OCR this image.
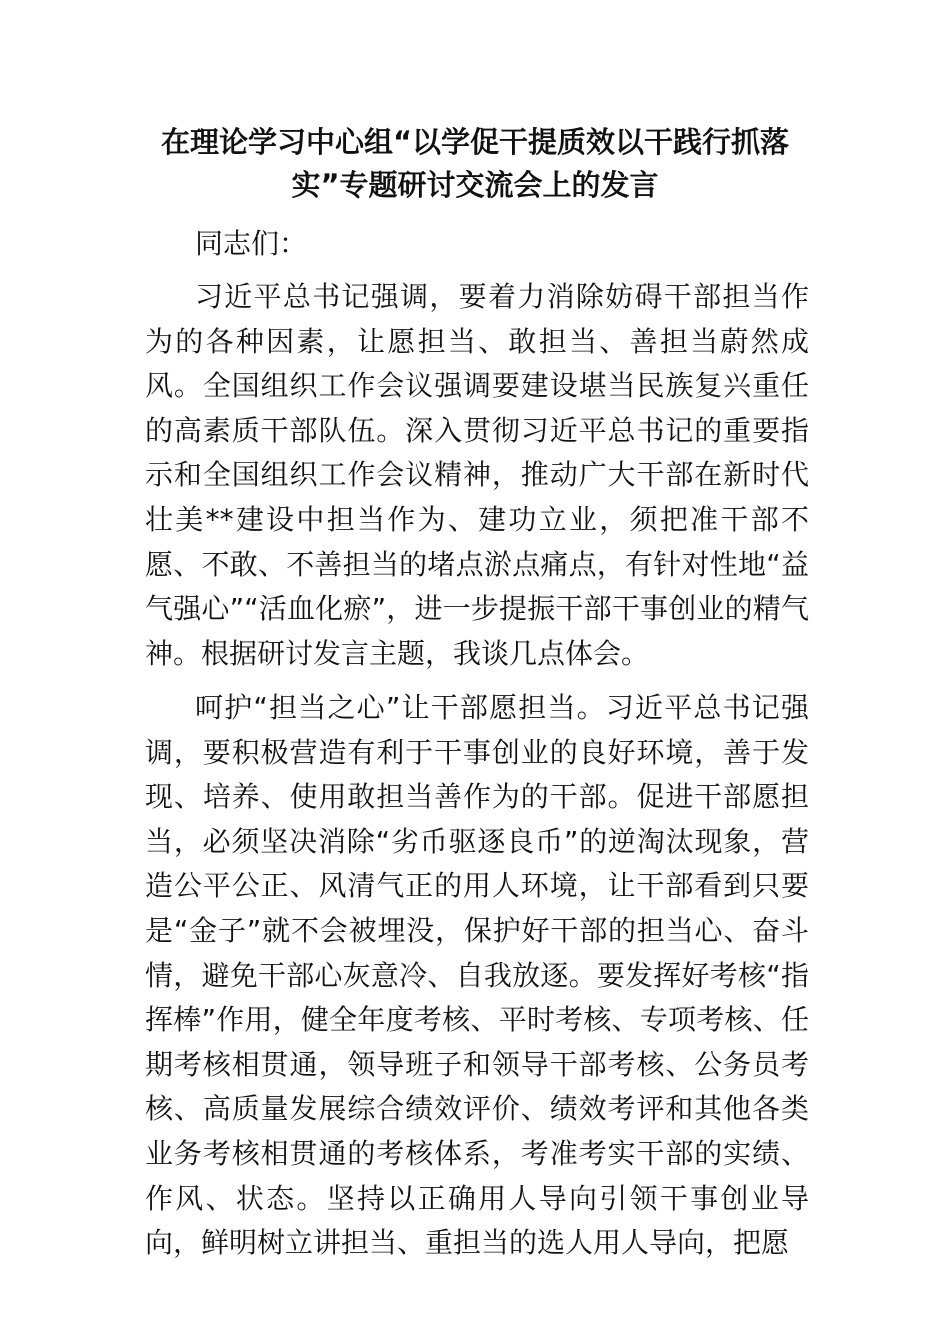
在理论学习中心组“以学促干提质效以干践行抓落实”专题研讨交流会上的发言

同志们：

习近平总书记强调，要着力消除妨碍干部担当作为的各种因素，让愿担当、敢担当、善担当蔚然成风。全国组织工作会议强调要建设堪当民族复兴重任的高素质干部队伍。深入贯彻习近平总书记的重要指示和全国组织工作会议精神，推动广大干部在新时代壮美**建设中担当作为、建功立业，须把准干部不愿、不敢、不善担当的堵点淤点痛点，有针对性地“益气强心”“活血化瘀”，进一步提振干部干事创业的精气神。根据研讨发言主题，我谈几点体会。

呵护“担当之心”让干部愿担当。习近平总书记强调，要积极营造有利于干事创业的良好环境，善于发现、培养、使用敢担当善作为的干部。促进干部愿担当，必须坚决消除“劣币驱逐良币”的逆淘汰现象，营造公平公正、风清气正的用人环境，让干部看到只要是“金子”就不会被埋没，保护好干部的担当心、奋斗情，避免干部心灰意冷、自我放逐。要发挥好考核“指挥棒”作用，健全年度考核、平时考核、专项考核、任期考核相贯通，领导班子和领导干部考核、公务员考核、高质量发展综合绩效评价、绩效考评和其他各类业务考核相贯通的考核体系，考准考实干部的实绩、作风、状态。坚持以正确用人导向引领干事创业导向，鲜明树立讲担当、重担当的选人用人导向，把愿
